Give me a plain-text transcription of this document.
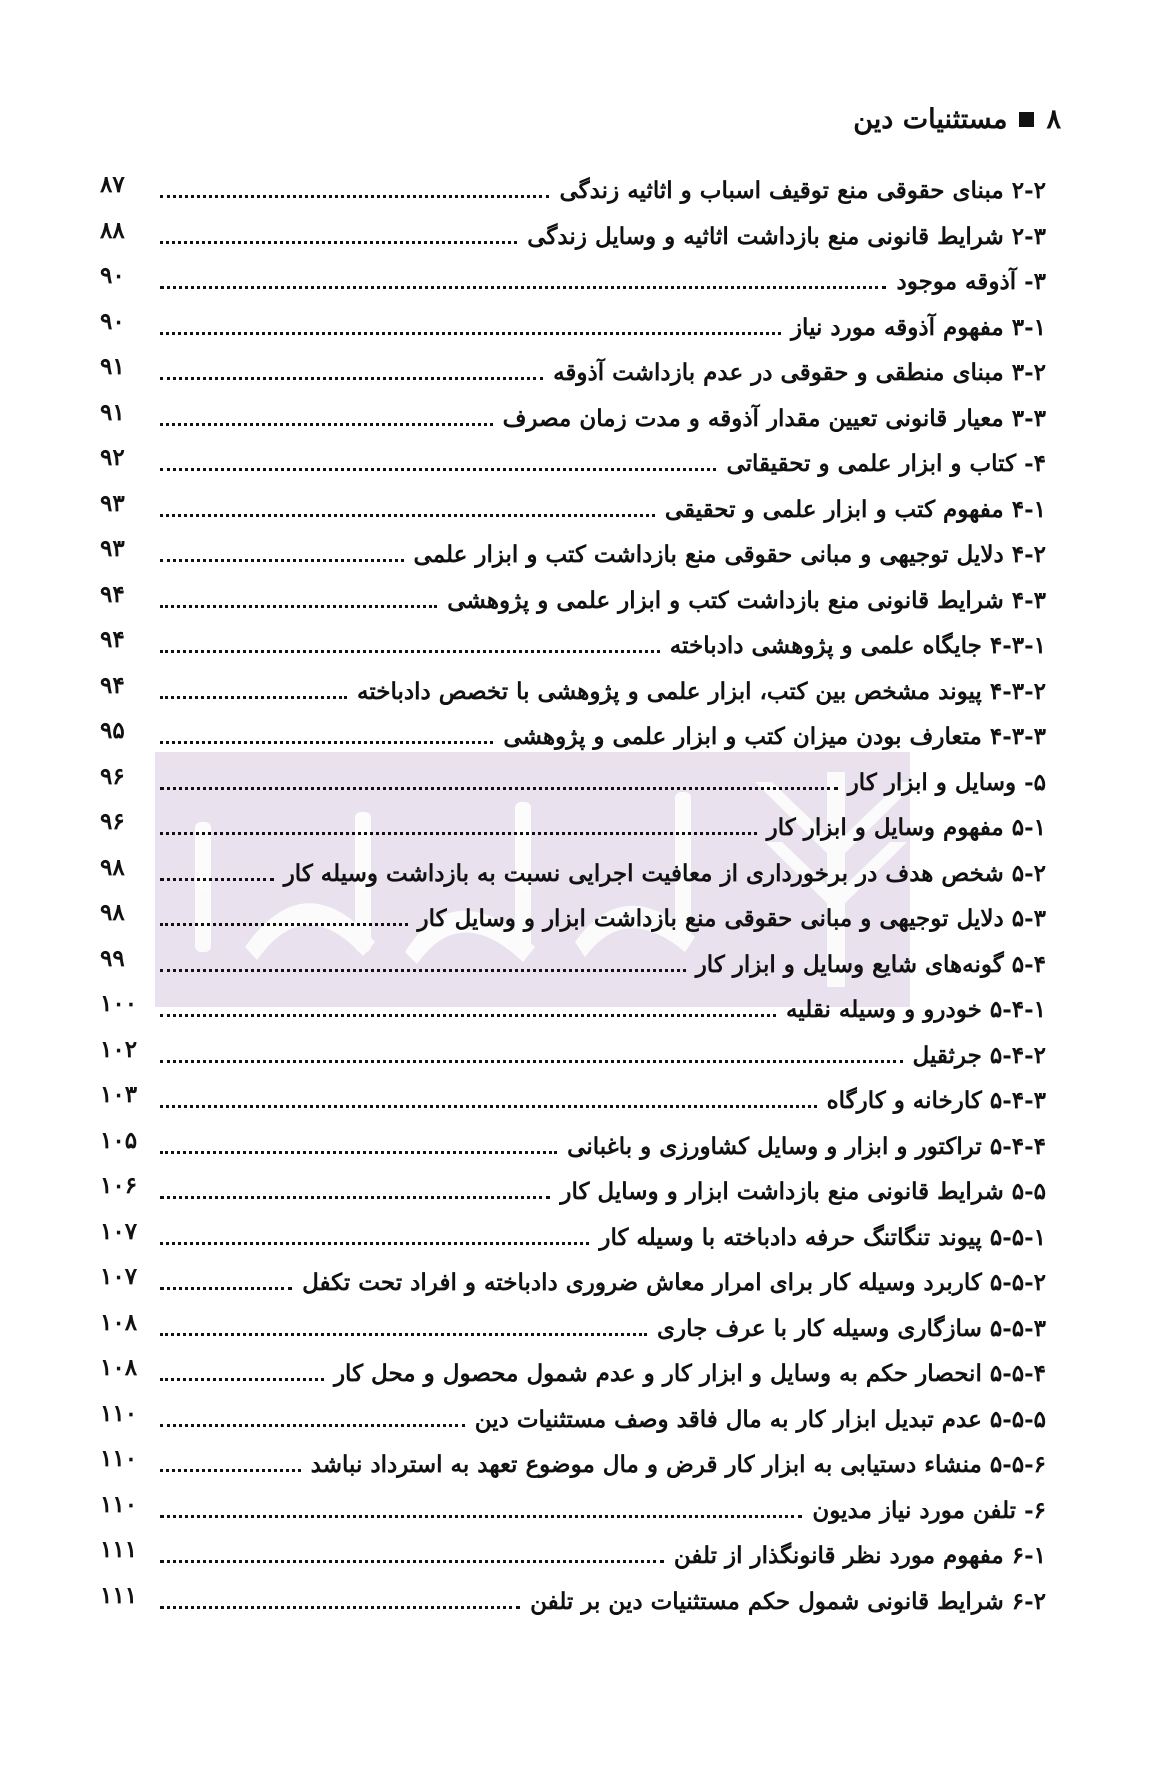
۸
مستثنیات دین
۲-۲ مبنای حقوقی منع توقیف اسباب و اثاثیه زندگی
۸۷
۲-۳ شرایط قانونی منع بازداشت اثاثیه و وسایل زندگی
۸۸
۳- آذوقه موجود
۹۰
۳-۱ مفهوم آذوقه مورد نیاز
۹۰
۳-۲ مبنای منطقی و حقوقی در عدم بازداشت آذوقه
۹۱
۳-۳ معیار قانونی تعیین مقدار آذوقه و مدت زمان مصرف
۹۱
۴- کتاب و ابزار علمی و تحقیقاتی
۹۲
۴-۱ مفهوم کتب و ابزار علمی و تحقیقی
۹۳
۴-۲ دلایل توجیهی و مبانی حقوقی منع بازداشت کتب و ابزار علمی
۹۳
۴-۳ شرایط قانونی منع بازداشت کتب و ابزار علمی و پژوهشی
۹۴
۴-۳-۱ جایگاه علمی و پژوهشی دادباخته
۹۴
۴-۳-۲ پیوند مشخص بین کتب، ابزار علمی و پژوهشی با تخصص دادباخته
۹۴
۴-۳-۳ متعارف بودن میزان کتب و ابزار علمی و پژوهشی
۹۵
۵- وسایل و ابزار کار
۹۶
۵-۱ مفهوم وسایل و ابزار کار
۹۶
۵-۲ شخص هدف در برخورداری از معافیت اجرایی نسبت به بازداشت وسیله کار
۹۸
۵-۳ دلایل توجیهی و مبانی حقوقی منع بازداشت ابزار و وسایل کار
۹۸
۵-۴ گونه‌های شایع وسایل و ابزار کار
۹۹
۵-۴-۱ خودرو و وسیله نقلیه
۱۰۰
۵-۴-۲ جرثقیل
۱۰۲
۵-۴-۳ کارخانه و کارگاه
۱۰۳
۵-۴-۴ تراکتور و ابزار و وسایل کشاورزی و باغبانی
۱۰۵
۵-۵ شرایط قانونی منع بازداشت ابزار و وسایل کار
۱۰۶
۵-۵-۱ پیوند تنگاتنگ حرفه دادباخته با وسیله کار
۱۰۷
۵-۵-۲ کاربرد وسیله کار برای امرار معاش ضروری دادباخته و افراد تحت تکفل
۱۰۷
۵-۵-۳ سازگاری وسیله کار با عرف جاری
۱۰۸
۵-۵-۴ انحصار حکم به وسایل و ابزار کار و عدم شمول محصول و محل کار
۱۰۸
۵-۵-۵ عدم تبدیل ابزار کار به مال فاقد وصف مستثنیات دین
۱۱۰
۵-۵-۶ منشاء دستیابی به ابزار کار قرض و مال موضوع تعهد به استرداد نباشد
۱۱۰
۶- تلفن مورد نیاز مدیون
۱۱۰
۶-۱ مفهوم مورد نظر قانونگذار از تلفن
۱۱۱
۶-۲ شرایط قانونی شمول حکم مستثنیات دین بر تلفن
۱۱۱
